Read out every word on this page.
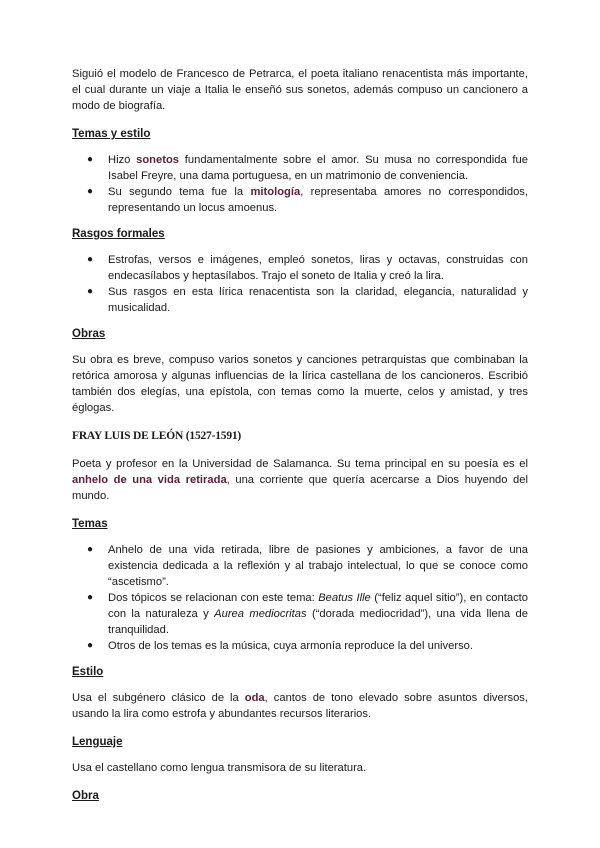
Siguió el modelo de Francesco de Petrarca, el poeta italiano renacentista más importante, el cual durante un viaje a Italia le enseñó sus sonetos, además compuso un cancionero a modo de biografía.

Temas y estilo
● Hizo sonetos fundamentalmente sobre el amor. Su musa no correspondida fue Isabel Freyre, una dama portuguesa, en un matrimonio de conveniencia.
● Su segundo tema fue la mitología, representaba amores no correspondidos, representando un locus amoenus.
Rasgos formales
● Estrofas, versos e imágenes, empleó sonetos, liras y octavas, construidas con endecasílabos y heptasílabos. Trajo el soneto de Italia y creó la lira.
● Sus rasgos en esta lírica renacentista son la claridad, elegancia, naturalidad y musicalidad.
Obras

Su obra es breve, compuso varios sonetos y canciones petrarquistas que combinaban la retórica amorosa y algunas influencias de la lírica castellana de los cancioneros. Escribió también dos elegías, una epístola, con temas como la muerte, celos y amistad, y tres églogas.

FRAY LUIS DE LEÓN (1527-1591)

Poeta y profesor en la Universidad de Salamanca. Su tema principal en su poesía es el anhelo de una vida retirada, una corriente que quería acercarse a Dios huyendo del mundo.

Temas
● Anhelo de una vida retirada, libre de pasiones y ambiciones, a favor de una existencia dedicada a la reflexión y al trabajo intelectual, lo que se conoce como “ascetismo”.
● Dos tópicos se relacionan con este tema: Beatus Ille (“feliz aquel sitio”), en contacto con la naturaleza y Aurea mediocritas (“dorada mediocridad”), una vida llena de tranquilidad.
● Otros de los temas es la música, cuya armonía reproduce la del universo.
Estilo

Usa el subgénero clásico de la oda, cantos de tono elevado sobre asuntos diversos, usando la lira como estrofa y abundantes recursos literarios.

Lenguaje

Usa el castellano como lengua transmisora de su literatura.

Obra
